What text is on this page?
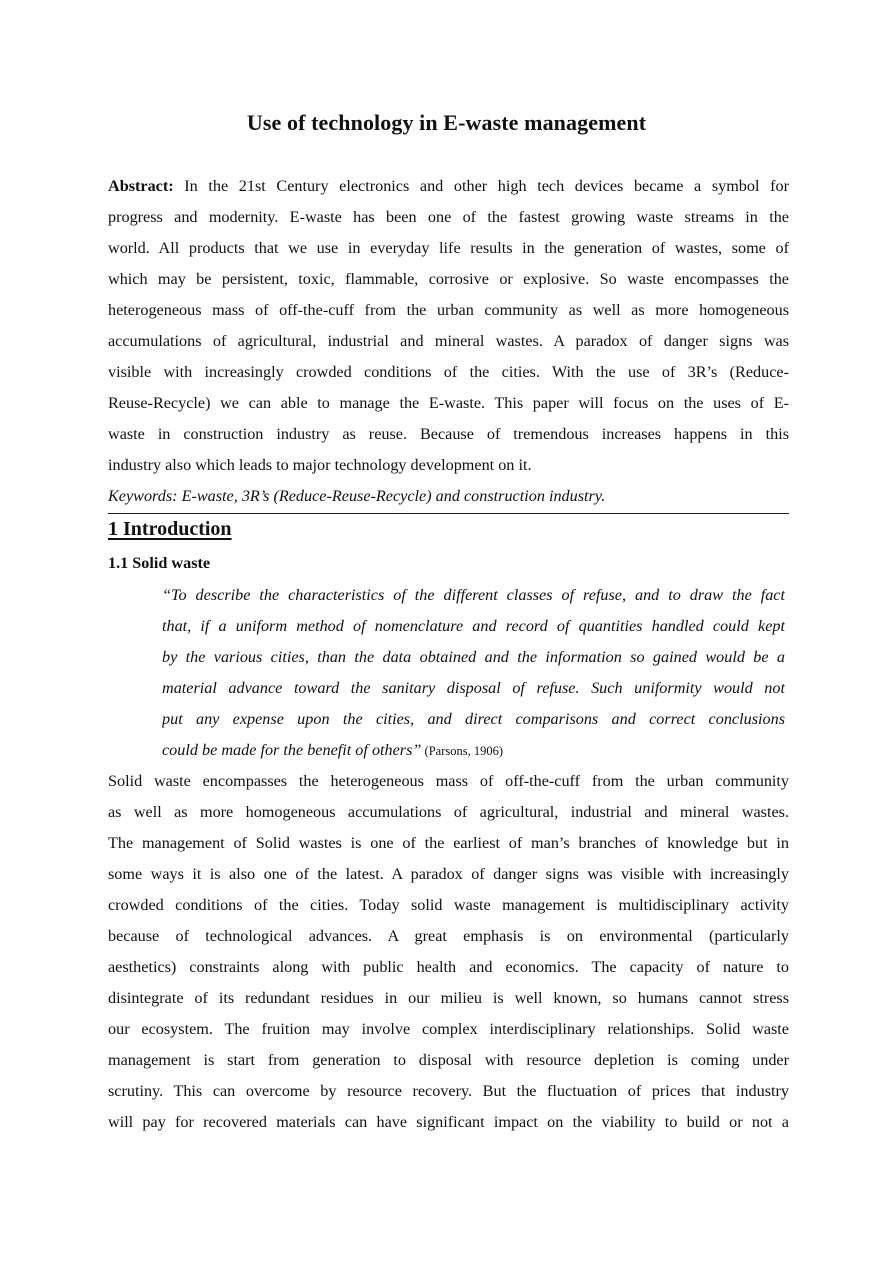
Use of technology in E-waste management
Abstract: In the 21st Century electronics and other high tech devices became a symbol for
progress and modernity. E-waste has been one of the fastest growing waste streams in the
world. All products that we use in everyday life results in the generation of wastes, some of
which may be persistent, toxic, flammable, corrosive or explosive. So waste encompasses the
heterogeneous mass of off-the-cuff from the urban community as well as more homogeneous
accumulations of agricultural, industrial and mineral wastes. A paradox of danger signs was
visible with increasingly crowded conditions of the cities. With the use of 3R’s (Reduce-
Reuse-Recycle) we can able to manage the E-waste. This paper will focus on the uses of E-
waste in construction industry as reuse. Because of tremendous increases happens in this
industry also which leads to major technology development on it.
Keywords: E-waste, 3R’s (Reduce-Reuse-Recycle) and construction industry.
1 Introduction
1.1 Solid waste
“To describe the characteristics of the different classes of refuse, and to draw the fact
that, if a uniform method of nomenclature and record of quantities handled could kept
by the various cities, than the data obtained and the information so gained would be a
material advance toward the sanitary disposal of refuse. Such uniformity would not
put any expense upon the cities, and direct comparisons and correct conclusions
could be made for the benefit of others” (Parsons, 1906)
Solid waste encompasses the heterogeneous mass of off-the-cuff from the urban community
as well as more homogeneous accumulations of agricultural, industrial and mineral wastes.
The management of Solid wastes is one of the earliest of man’s branches of knowledge but in
some ways it is also one of the latest. A paradox of danger signs was visible with increasingly
crowded conditions of the cities. Today solid waste management is multidisciplinary activity
because of technological advances. A great emphasis is on environmental (particularly
aesthetics) constraints along with public health and economics. The capacity of nature to
disintegrate of its redundant residues in our milieu is well known, so humans cannot stress
our ecosystem. The fruition may involve complex interdisciplinary relationships. Solid waste
management is start from generation to disposal with resource depletion is coming under
scrutiny. This can overcome by resource recovery. But the fluctuation of prices that industry
will pay for recovered materials can have significant impact on the viability to build or not a
